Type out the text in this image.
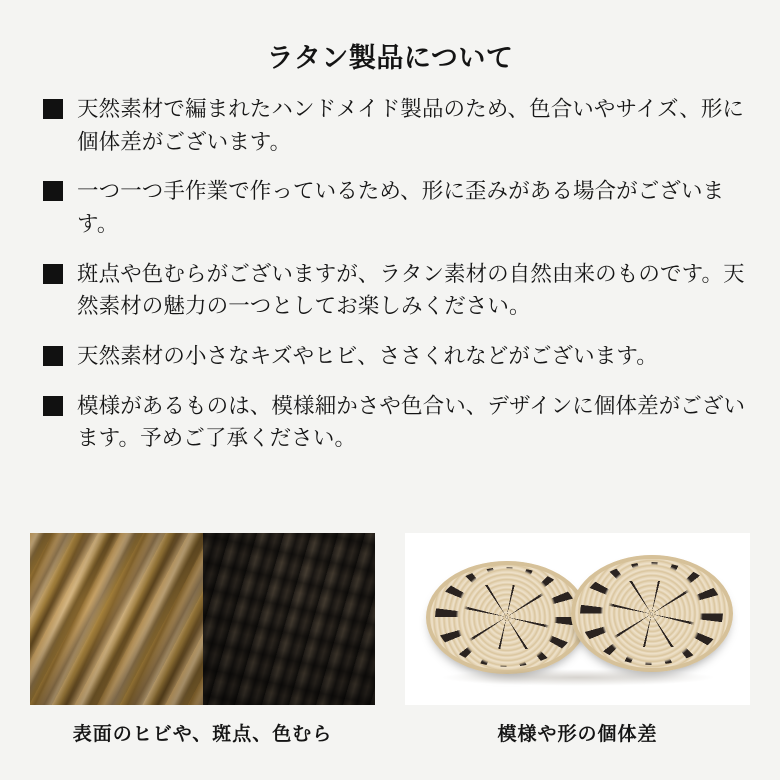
ラタン製品について
天然素材で編まれたハンドメイド製品のため、色合いやサイズ、形に個体差がございます。
一つ一つ手作業で作っているため、形に歪みがある場合がございます。
斑点や色むらがございますが、ラタン素材の自然由来のものです。天然素材の魅力の一つとしてお楽しみください。
天然素材の小さなキズやヒビ、ささくれなどがございます。
模様があるものは、模様細かさや色合い、デザインに個体差がございます。予めご了承ください。
表面のヒビや、斑点、色むら	模様や形の個体差
